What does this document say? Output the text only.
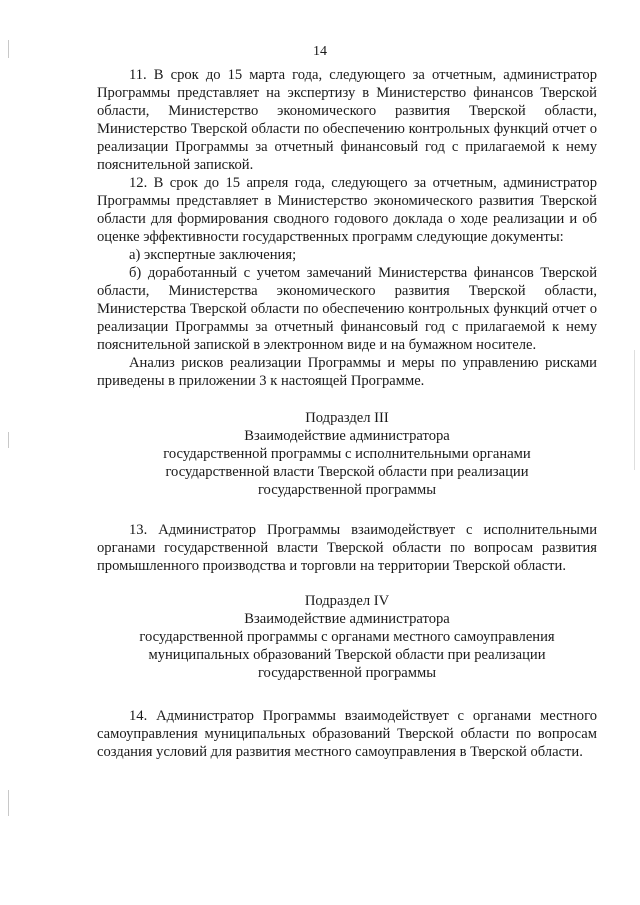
14

11. В срок до 15 марта года, следующего за отчетным, администратор Программы представляет на экспертизу в Министерство финансов Тверской области, Министерство экономического развития Тверской области, Министерство Тверской области по обеспечению контрольных функций отчет о реализации Программы за отчетный финансовый год с прилагаемой к нему пояснительной запиской.

12. В срок до 15 апреля года, следующего за отчетным, администратор Программы представляет в Министерство экономического развития Тверской области для формирования сводного годового доклада о ходе реализации и об оценке эффективности государственных программ следующие документы:

а) экспертные заключения;

б) доработанный с учетом замечаний Министерства финансов Тверской области, Министерства экономического развития Тверской области, Министерства Тверской области по обеспечению контрольных функций отчет о реализации Программы за отчетный финансовый год с прилагаемой к нему пояснительной запиской в электронном виде и на бумажном носителе.

Анализ рисков реализации Программы и меры по управлению рисками приведены в приложении 3 к настоящей Программе.

Подраздел III
Взаимодействие администратора
государственной программы с исполнительными органами
государственной власти Тверской области при реализации
государственной программы

13. Администратор Программы взаимодействует с исполнительными органами государственной власти Тверской области по вопросам развития промышленного производства и торговли на территории Тверской области.

Подраздел IV
Взаимодействие администратора
государственной программы с органами местного самоуправления
муниципальных образований Тверской области при реализации
государственной программы

14. Администратор Программы взаимодействует с органами местного самоуправления муниципальных образований Тверской области по вопросам создания условий для развития местного самоуправления в Тверской области.
